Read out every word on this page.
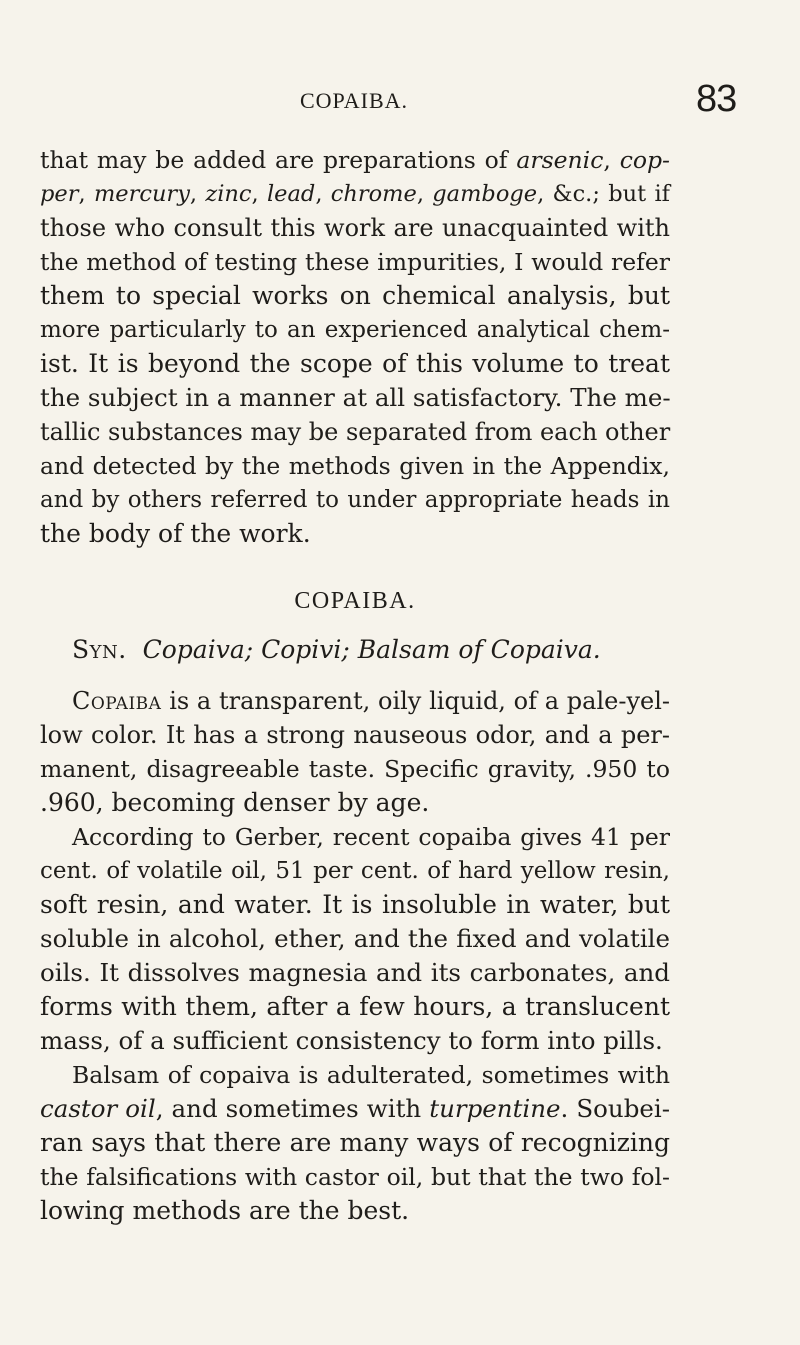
COPAIBA.	83
that may be added are preparations of arsenic, cop-
per, mercury, zinc, lead, chrome, gamboge, &c.; but if
those who consult this work are unacquainted with
the method of testing these impurities, I would refer
them to special works on chemical analysis, but
more particularly to an experienced analytical chem-
ist. It is beyond the scope of this volume to treat
the subject in a manner at all satisfactory. The me-
tallic substances may be separated from each other
and detected by the methods given in the Appendix,
and by others referred to under appropriate heads in
the body of the work.
COPAIBA.
Syn. Copaiva; Copivi; Balsam of Copaiva.
Copaiba is a transparent, oily liquid, of a pale-yel-
low color. It has a strong nauseous odor, and a per-
manent, disagreeable taste. Specific gravity, .950 to
.960, becoming denser by age.
According to Gerber, recent copaiba gives 41 per
cent. of volatile oil, 51 per cent. of hard yellow resin,
soft resin, and water. It is insoluble in water, but
soluble in alcohol, ether, and the fixed and volatile
oils. It dissolves magnesia and its carbonates, and
forms with them, after a few hours, a translucent
mass, of a sufficient consistency to form into pills.
Balsam of copaiva is adulterated, sometimes with
castor oil, and sometimes with turpentine. Soubei-
ran says that there are many ways of recognizing
the falsifications with castor oil, but that the two fol-
lowing methods are the best.
